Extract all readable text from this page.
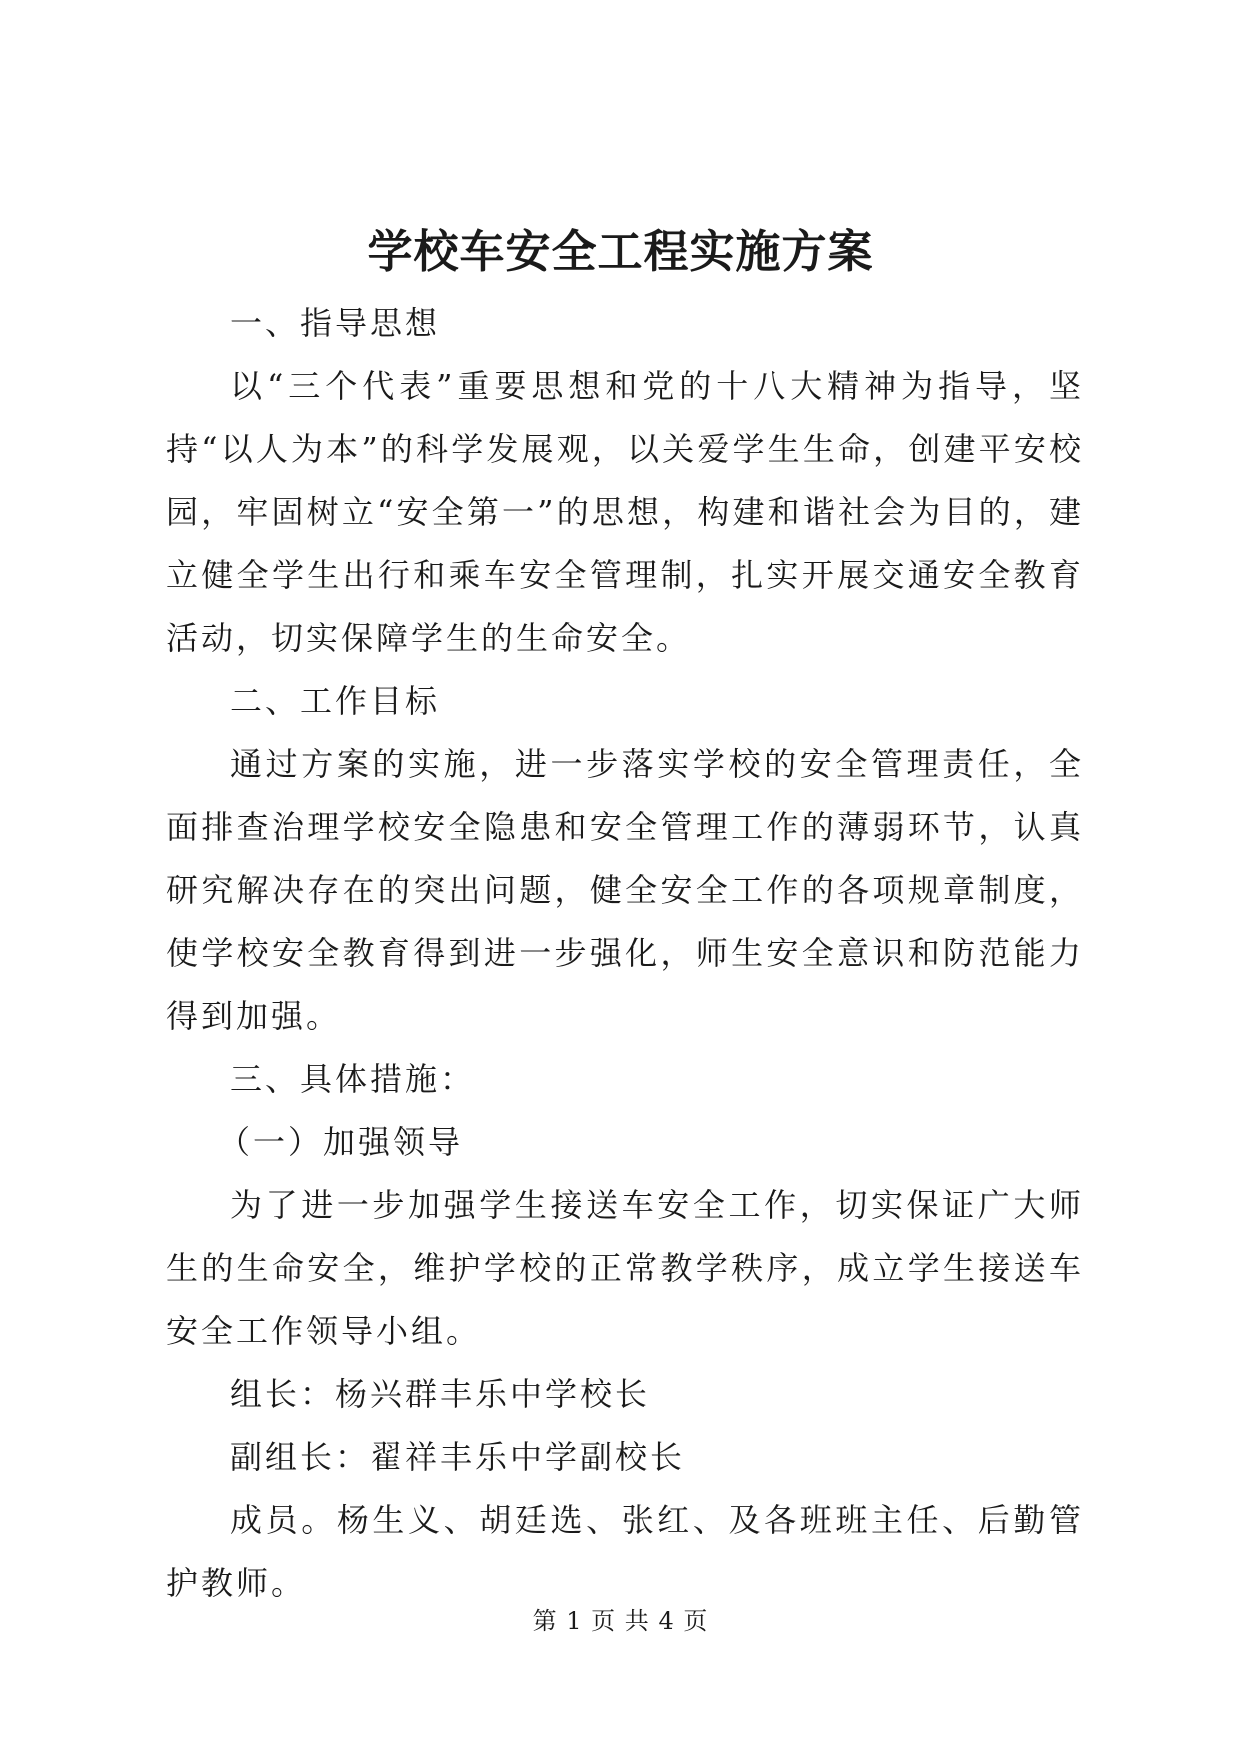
学校车安全工程实施方案

一、指导思想

以“三个代表”重要思想和党的十八大精神为指导，坚持“以人为本”的科学发展观，以关爱学生生命，创建平安校园，牢固树立“安全第一”的思想，构建和谐社会为目的，建立健全学生出行和乘车安全管理制，扎实开展交通安全教育活动，切实保障学生的生命安全。

二、工作目标

通过方案的实施，进一步落实学校的安全管理责任，全面排查治理学校安全隐患和安全管理工作的薄弱环节，认真研究解决存在的突出问题，健全安全工作的各项规章制度，使学校安全教育得到进一步强化，师生安全意识和防范能力得到加强。

三、具体措施：

（一）加强领导

为了进一步加强学生接送车安全工作，切实保证广大师生的生命安全，维护学校的正常教学秩序，成立学生接送车安全工作领导小组。

组长：杨兴群丰乐中学校长

副组长：翟祥丰乐中学副校长

成员。杨生义、胡廷选、张红、及各班班主任、后勤管护教师。

第 1 页 共 4 页
